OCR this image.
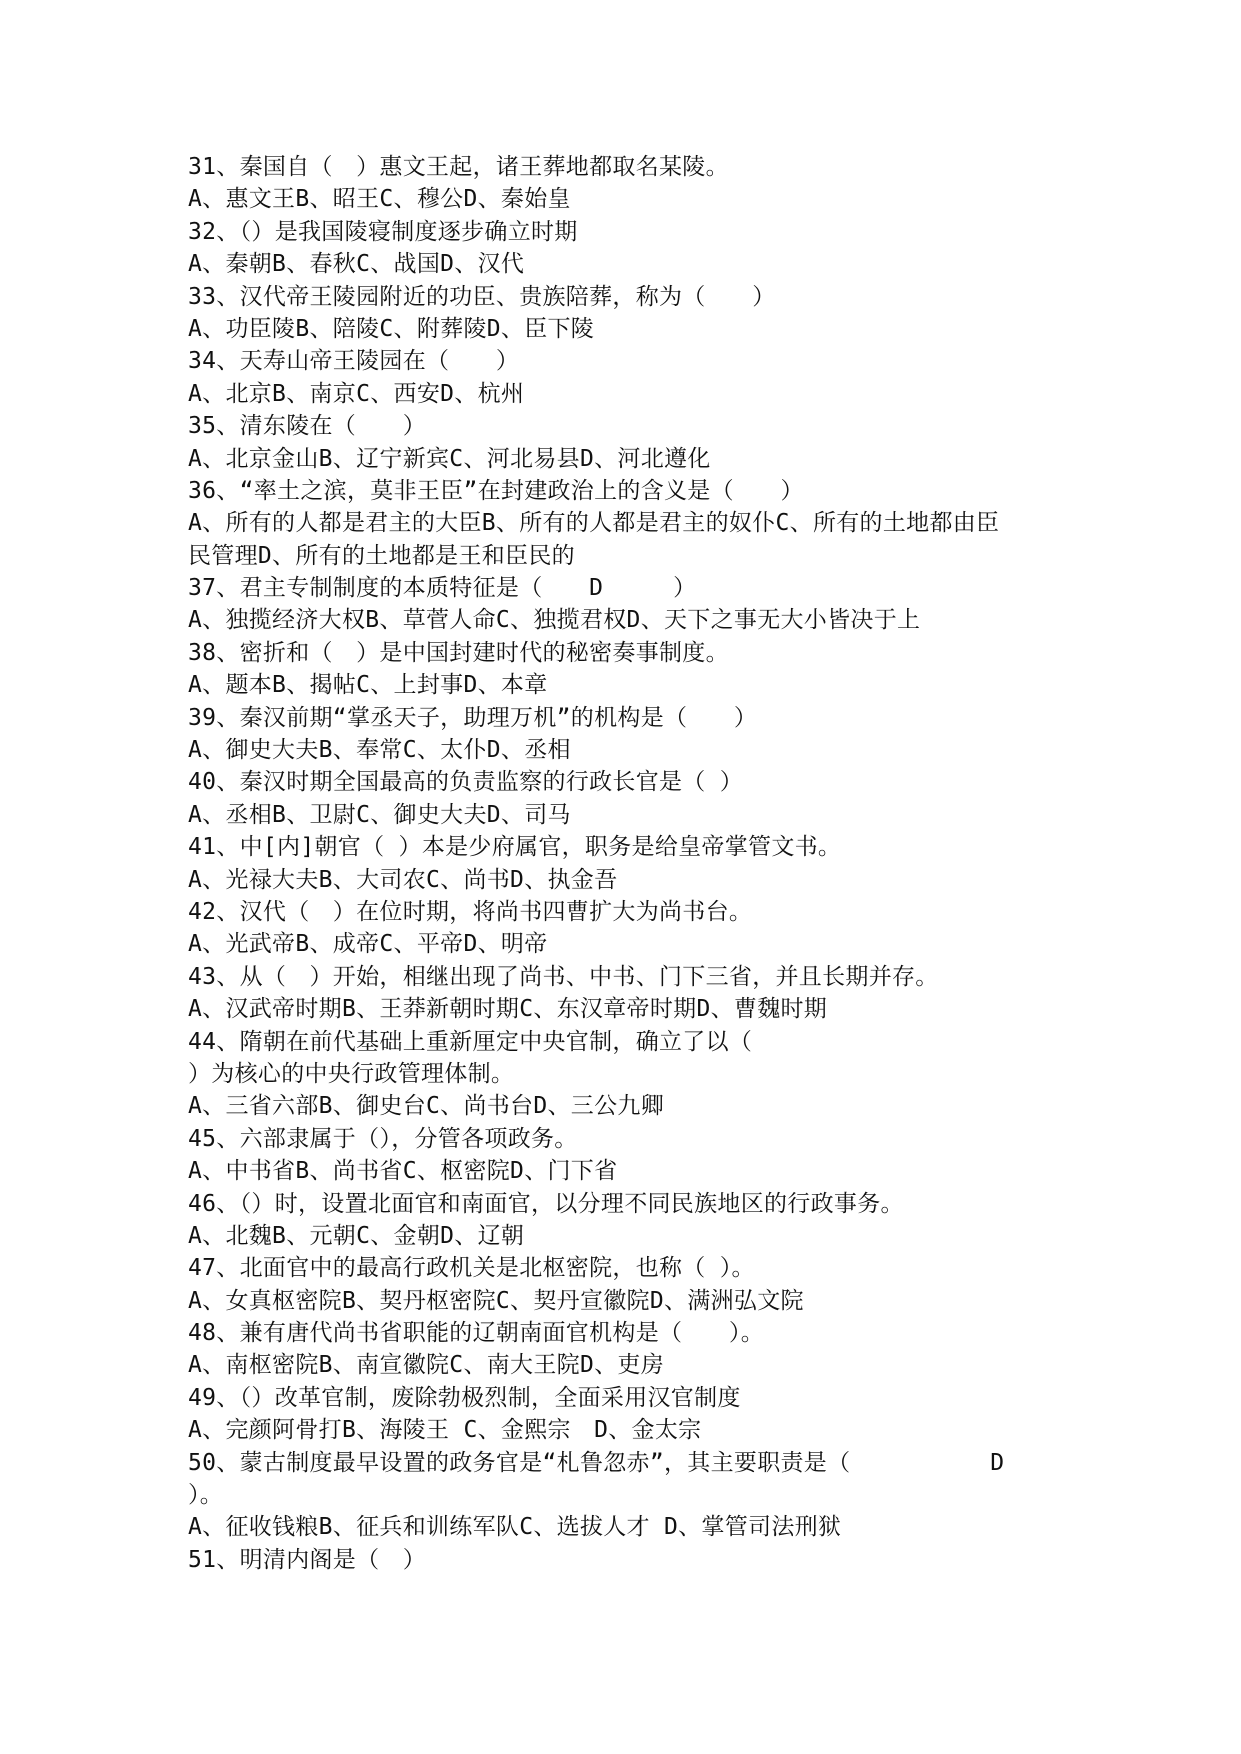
31、秦国自（　）惠文王起，诸王葬地都取名某陵。
A、惠文王B、昭王C、穆公D、秦始皇
32、（）是我国陵寝制度逐步确立时期
A、秦朝B、春秋C、战国D、汉代
33、汉代帝王陵园附近的功臣、贵族陪葬，称为（　　）
A、功臣陵B、陪陵C、附葬陵D、臣下陵
34、天寿山帝王陵园在（　　）
A、北京B、南京C、西安D、杭州
35、清东陵在（　　）
A、北京金山B、辽宁新宾C、河北易县D、河北遵化
36、“率土之滨，莫非王臣”在封建政治上的含义是（　　）
A、所有的人都是君主的大臣B、所有的人都是君主的奴仆C、所有的土地都由臣
民管理D、所有的土地都是王和臣民的
37、君主专制制度的本质特征是（　　D　　　）
A、独揽经济大权B、草菅人命C、独揽君权D、天下之事无大小皆决于上
38、密折和（　）是中国封建时代的秘密奏事制度。
A、题本B、揭帖C、上封事D、本章
39、秦汉前期“掌丞天子，助理万机”的机构是（　　）
A、御史大夫B、奉常C、太仆D、丞相
40、秦汉时期全国最高的负责监察的行政长官是（ ）
A、丞相B、卫尉C、御史大夫D、司马
41、中[内]朝官（ ）本是少府属官，职务是给皇帝掌管文书。
A、光禄大夫B、大司农C、尚书D、执金吾
42、汉代（　）在位时期，将尚书四曹扩大为尚书台。
A、光武帝B、成帝C、平帝D、明帝
43、从（　）开始，相继出现了尚书、中书、门下三省，并且长期并存。
A、汉武帝时期B、王莽新朝时期C、东汉章帝时期D、曹魏时期
44、隋朝在前代基础上重新厘定中央官制，确立了以（
）为核心的中央行政管理体制。
A、三省六部B、御史台C、尚书台D、三公九卿
45、六部隶属于（），分管各项政务。
A、中书省B、尚书省C、枢密院D、门下省
46、（）时，设置北面官和南面官，以分理不同民族地区的行政事务。
A、北魏B、元朝C、金朝D、辽朝
47、北面官中的最高行政机关是北枢密院，也称（ ）。
A、女真枢密院B、契丹枢密院C、契丹宣徽院D、满洲弘文院
48、兼有唐代尚书省职能的辽朝南面官机构是（　　）。
A、南枢密院B、南宣徽院C、南大王院D、吏房
49、（）改革官制，废除勃极烈制，全面采用汉官制度
A、完颜阿骨打B、海陵王 C、金熙宗　D、金太宗
50、蒙古制度最早设置的政务官是“札鲁忽赤”，其主要职责是（　　　　　　D
）。
A、征收钱粮B、征兵和训练军队C、选拔人才 D、掌管司法刑狱
51、明清内阁是（　）
